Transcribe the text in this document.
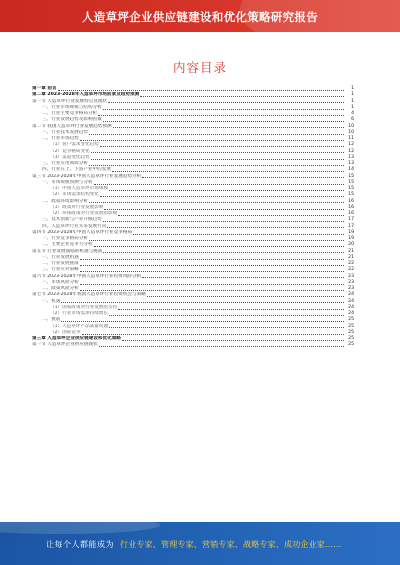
人造草坪企业供应链建设和优化策略研究报告
内容目录
第一章 前言	1
第二章 2023-2028年人造草坪市场前景及趋势预测	1
第一节 人造草坪行业发展特点及现状	1
一、行业市场规模与结构分析	1
二、行业主要竞争格局分析	4
三、行业发展趋势及影响因素	6
第二节 我国人造草坪行业发展趋势预测	10
一、行业技术发展趋势	10
二、行业市场趋势	11
（1）客户需求变化趋势	12
（2）竞争格局变化	12
（3）渠道变化趋势	13
三、行业应用领域分析	13
四、行业在上、下游产业中的发展	14
第三节 2023-2028年中国人造草坪行业发展趋势分析	15
一、市场规模预测与分析	15
（1）中国人造草坪市场规模	15
（2）市场需求结构变化	15
二、政策环境影响分析	16
（1）政策对行业发展影响	16
（2）环保政策对行业发展的影响	16
三、技术创新与产业升级趋势	17
四、人造草坪行业未来发展方向	17
第四节 2023-2028年中国人造草坪行业竞争格局	19
一、行业竞争格局分析	19
二、主要企业竞争力分析	20
第五节 行业发展面临的机遇与挑战	21
一、行业发展机遇	21
二、行业发展挑战	22
三、行业应对策略	22
第六节 2023-2028年中国人造草坪行业投资风险分析	23
一、市场风险分析	23
二、政策风险分析	23
第七节 2023-2028年我国人造草坪行业投资机会与策略	24
一、机遇	24
（1）国家政策对行业发展的支持	24
（2）行业市场需求持续增长	24
二、挑战	25
（1）人造草坪产品质量问题	25
（2）国际竞争	25
第三章 人造草坪企业供应链建设和优化策略	25
第一节 人造草坪企业供应链现状	25
让每个人都能成为 行业专家、管理专家、营销专家、战略专家、成功企业家……
